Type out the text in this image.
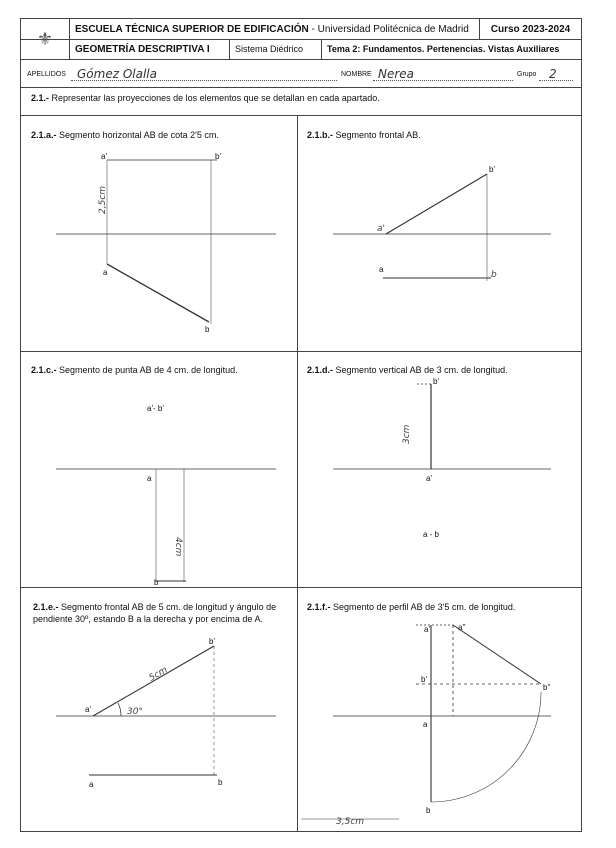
⚜	ESCUELA TÉCNICA SUPERIOR DE EDIFICACIÓN
- Universidad Politécnica de Madrid	Curso 2023-2024
GEOMETRÍA DESCRIPTIVA I	Sistema Diédrico	Tema 2: Fundamentos. Pertenencias. Vistas Auxiliares
APELLIDOS Gómez Olalla	NOMBRE Nerea	Grupo 2
2.1.- Representar las proyecciones de los elementos que se detallan en cada apartado.
2.1.a.- Segmento horizontal AB de cota 2'5 cm.	2.1.b.- Segmento frontal AB.
2.1.c.- Segmento de punta AB de 4 cm. de longitud.	2.1.d.- Segmento vertical AB de 3 cm. de longitud.
2.1.e.- Segmento frontal AB de 5 cm. de longitud y ángulo de pendiente 30º, estando B a la derecha y por encima de A.
2.1.f.- Segmento de perfil AB de 3'5 cm. de longitud.
a'	b'
a
b
2,5cm
b'
a'
a
b
a'- b'
a
4cm
b
b'
3cm
a'
a - b
b'
a'
5cm
30°
a	b
a'	a''
b'
b''
a
b
3,5cm
